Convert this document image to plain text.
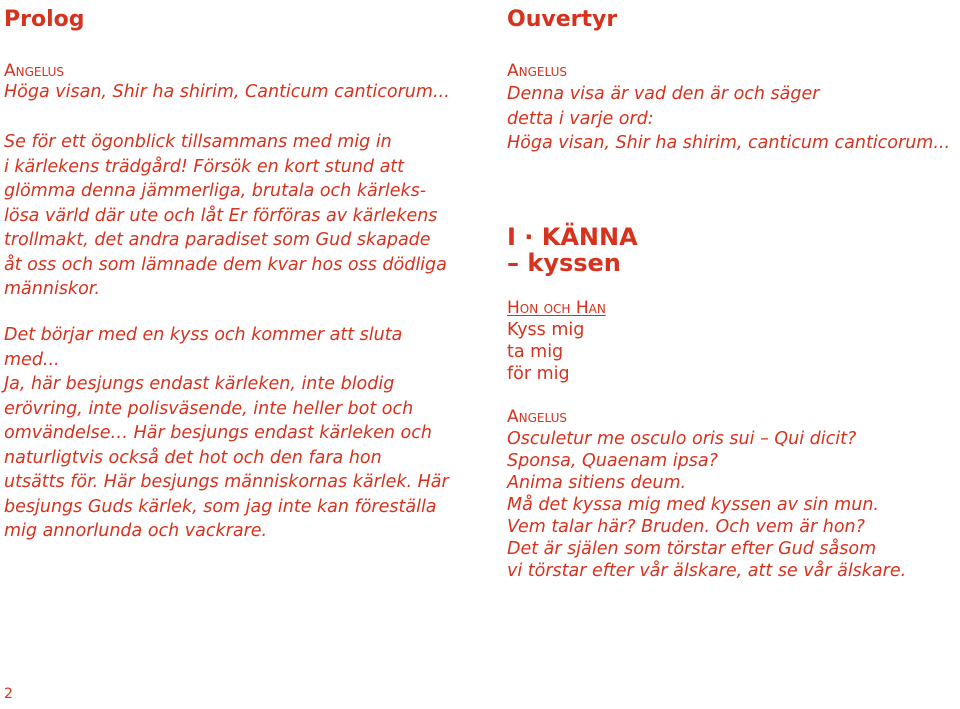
Prolog
Angelus
Höga visan, Shir ha shirim, Canticum canticorum...
Se för ett ögonblick tillsammans med mig in
i kärlekens trädgård! Försök en kort stund att
glömma denna jämmerliga, brutala och kärleks-
lösa värld där ute och låt Er förföras av kärlekens
trollmakt, det andra paradiset som Gud skapade
åt oss och som lämnade dem kvar hos oss dödliga
människor.
Det börjar med en kyss och kommer att sluta
med...
Ja, här besjungs endast kärleken, inte blodig
erövring, inte polisväsende, inte heller bot och
omvändelse… Här besjungs endast kärleken och
naturligtvis också det hot och den fara hon
utsätts för. Här besjungs människornas kärlek. Här
besjungs Guds kärlek, som jag inte kan föreställa
mig annorlunda och vackrare.
Ouvertyr
Angelus
Denna visa är vad den är och säger
detta i varje ord:
Höga visan, Shir ha shirim, canticum canticorum...
I · KÄNNA
– kyssen
Hon och Han
Kyss mig
ta mig
för mig
Angelus
Osculetur me osculo oris sui – Qui dicit?
Sponsa, Quaenam ipsa?
Anima sitiens deum.
Må det kyssa mig med kyssen av sin mun.
Vem talar här? Bruden. Och vem är hon?
Det är själen som törstar efter Gud såsom
vi törstar efter vår älskare, att se vår älskare.
2
